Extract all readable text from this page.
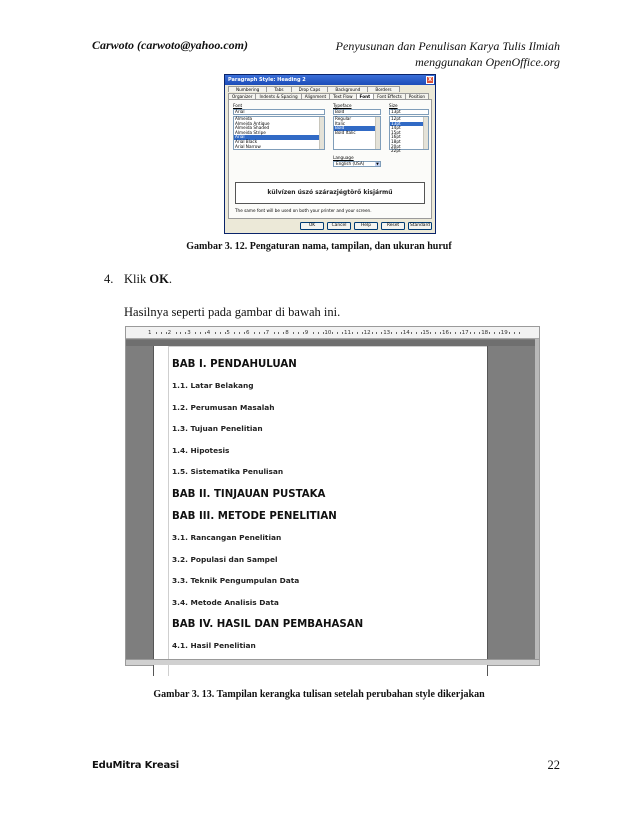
Carwoto (carwoto@yahoo.com)	Penyusunan dan Penulisan Karya Tulis Ilmiah
menggunakan OpenOffice.org
Paragraph Style: Heading 2	X
Numbering	Tabs	Drop Caps	Background	Borders
Organizer	Indents & Spacing	Alignment	Text Flow	Font	Font Effects	Position
Font
Arial
Almeida
Almeida Antique
Almeida Shaded
Almeida Stripe
Arial
Arial Black
Arial Narrow
Typeface
Bold
Regular
Italic
Bold
Bold Italic
Size
13pt
12pt
13pt
14pt
15pt
16pt
18pt
20pt
22pt
Language
English (USA)	▼
külvízen úszó szárazjégtörő kisjármű
The same font will be used on both your printer and your screen.
OK	Cancel	Help	Reset	Standard
Gambar 3. 12. Pengaturan nama, tampilan, dan ukuran huruf
4. Klik OK.
Hasilnya seperti pada gambar di bawah ini.
1	2	3	4	5	6	7	8	9	10 11 12 13 14 15 16 17 18 19
BAB I. PENDAHULUAN
1.1. Latar Belakang
1.2. Perumusan Masalah
1.3. Tujuan Penelitian
1.4. Hipotesis
1.5. Sistematika Penulisan
BAB II. TINJAUAN PUSTAKA
BAB III. METODE PENELITIAN
3.1. Rancangan Penelitian
3.2. Populasi dan Sampel
3.3. Teknik Pengumpulan Data
3.4. Metode Analisis Data
BAB IV. HASIL DAN PEMBAHASAN
4.1. Hasil Penelitian
Gambar 3. 13. Tampilan kerangka tulisan setelah perubahan style dikerjakan
EduMitra Kreasi	22
